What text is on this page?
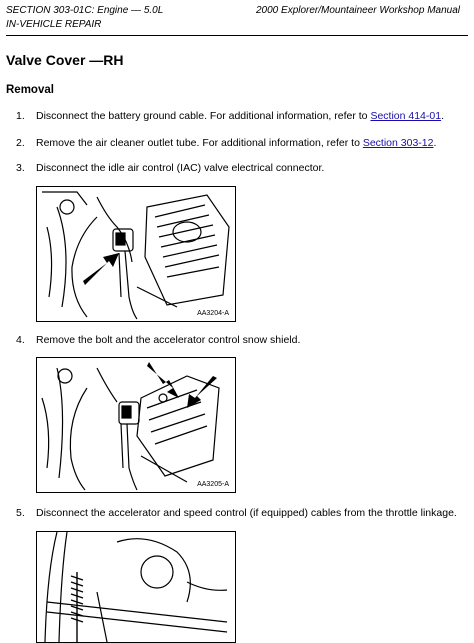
SECTION 303-01C: Engine — 5.0L
IN-VEHICLE REPAIR
2000 Explorer/Mountaineer Workshop Manual
Valve Cover —RH
Removal
1. Disconnect the battery ground cable. For additional information, refer to Section 414-01.
2. Remove the air cleaner outlet tube. For additional information, refer to Section 303-12.
3. Disconnect the idle air control (IAC) valve electrical connector.
AA3204-A
4. Remove the bolt and the accelerator control snow shield.
AA3205-A
5. Disconnect the accelerator and speed control (if equipped) cables from the throttle linkage.
